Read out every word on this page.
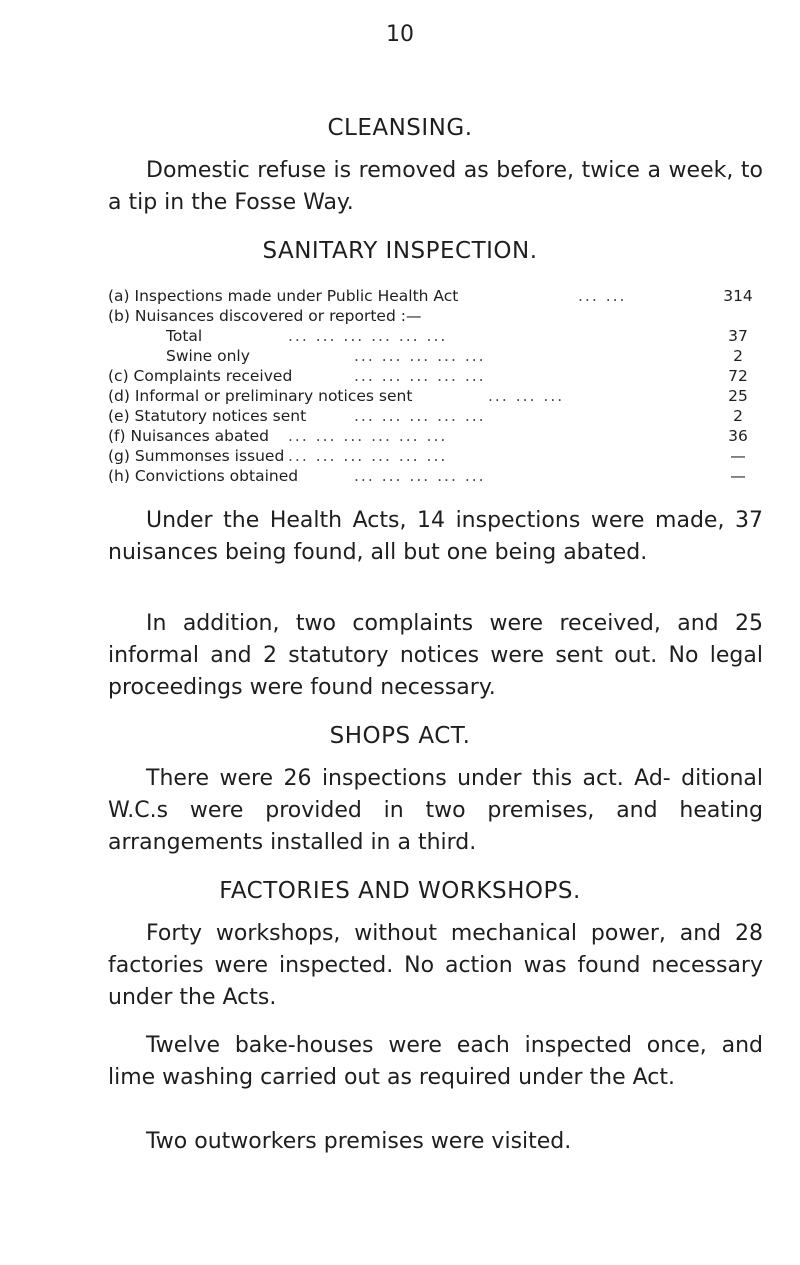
10
CLEANSING.
Domestic refuse is removed as before, twice a week, to a tip in the Fosse Way.
SANITARY INSPECTION.
(a) Inspections made under Public Health Act	... ...	314
(b) Nuisances discovered or reported :—
Total	... ... ... ... ... ...	37
Swine only	... ... ... ... ...	2
(c) Complaints received	... ... ... ... ...	72
(d) Informal or preliminary notices sent	... ... ...	25
(e) Statutory notices sent	... ... ... ... ...	2
(f) Nuisances abated ... ... ... ... ... ...	36
(g) Summonses issued ... ... ... ... ... ...	—
(h) Convictions obtained	... ... ... ... ...	—
Under the Health Acts, 14 inspections were made, 37 nuisances being found, all but one being abated.
In addition, two complaints were received, and 25 informal and 2 statutory notices were sent out. No legal proceedings were found necessary.
SHOPS ACT.
There were 26 inspections under this act. Ad- ditional W.C.s were provided in two premises, and heating arrangements installed in a third.
FACTORIES AND WORKSHOPS.
Forty workshops, without mechanical power, and 28 factories were inspected. No action was found necessary under the Acts.
Twelve bake-houses were each inspected once, and lime washing carried out as required under the Act.
Two outworkers premises were visited.
